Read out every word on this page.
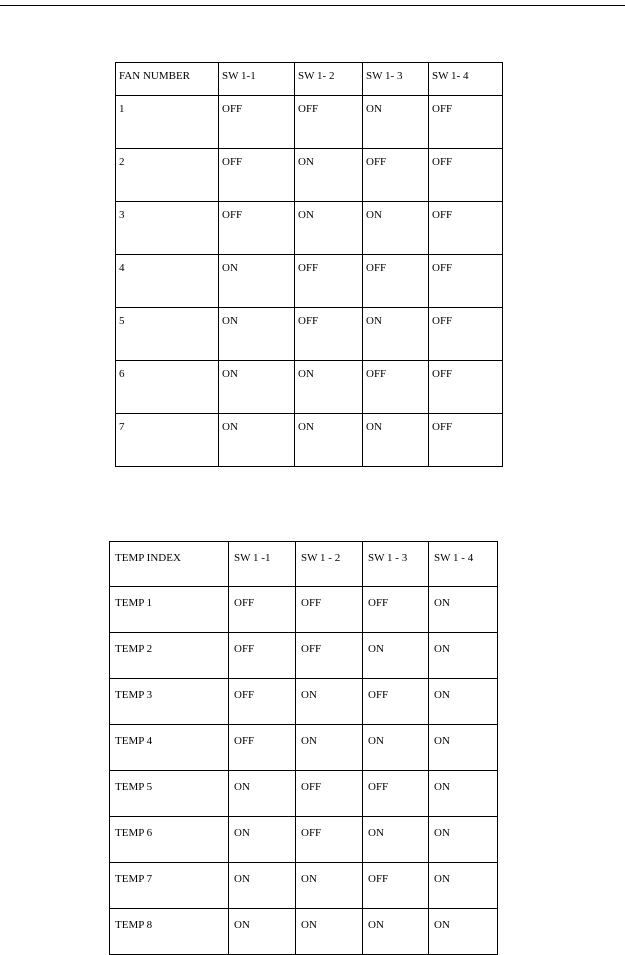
FAN NUMBER	SW 1-1	SW 1- 2	SW 1- 3	SW 1- 4
1	OFF	OFF	ON	OFF
2	OFF	ON	OFF	OFF
3	OFF	ON	ON	OFF
4	ON	OFF	OFF	OFF
5	ON	OFF	ON	OFF
6	ON	ON	OFF	OFF
7	ON	ON	ON	OFF
TEMP INDEX	SW 1 -1	SW 1 - 2	SW 1 - 3	SW 1 - 4
TEMP 1	OFF	OFF	OFF	ON
TEMP 2	OFF	OFF	ON	ON
TEMP 3	OFF	ON	OFF	ON
TEMP 4	OFF	ON	ON	ON
TEMP 5	ON	OFF	OFF	ON
TEMP 6	ON	OFF	ON	ON
TEMP 7	ON	ON	OFF	ON
TEMP 8	ON	ON	ON	ON
